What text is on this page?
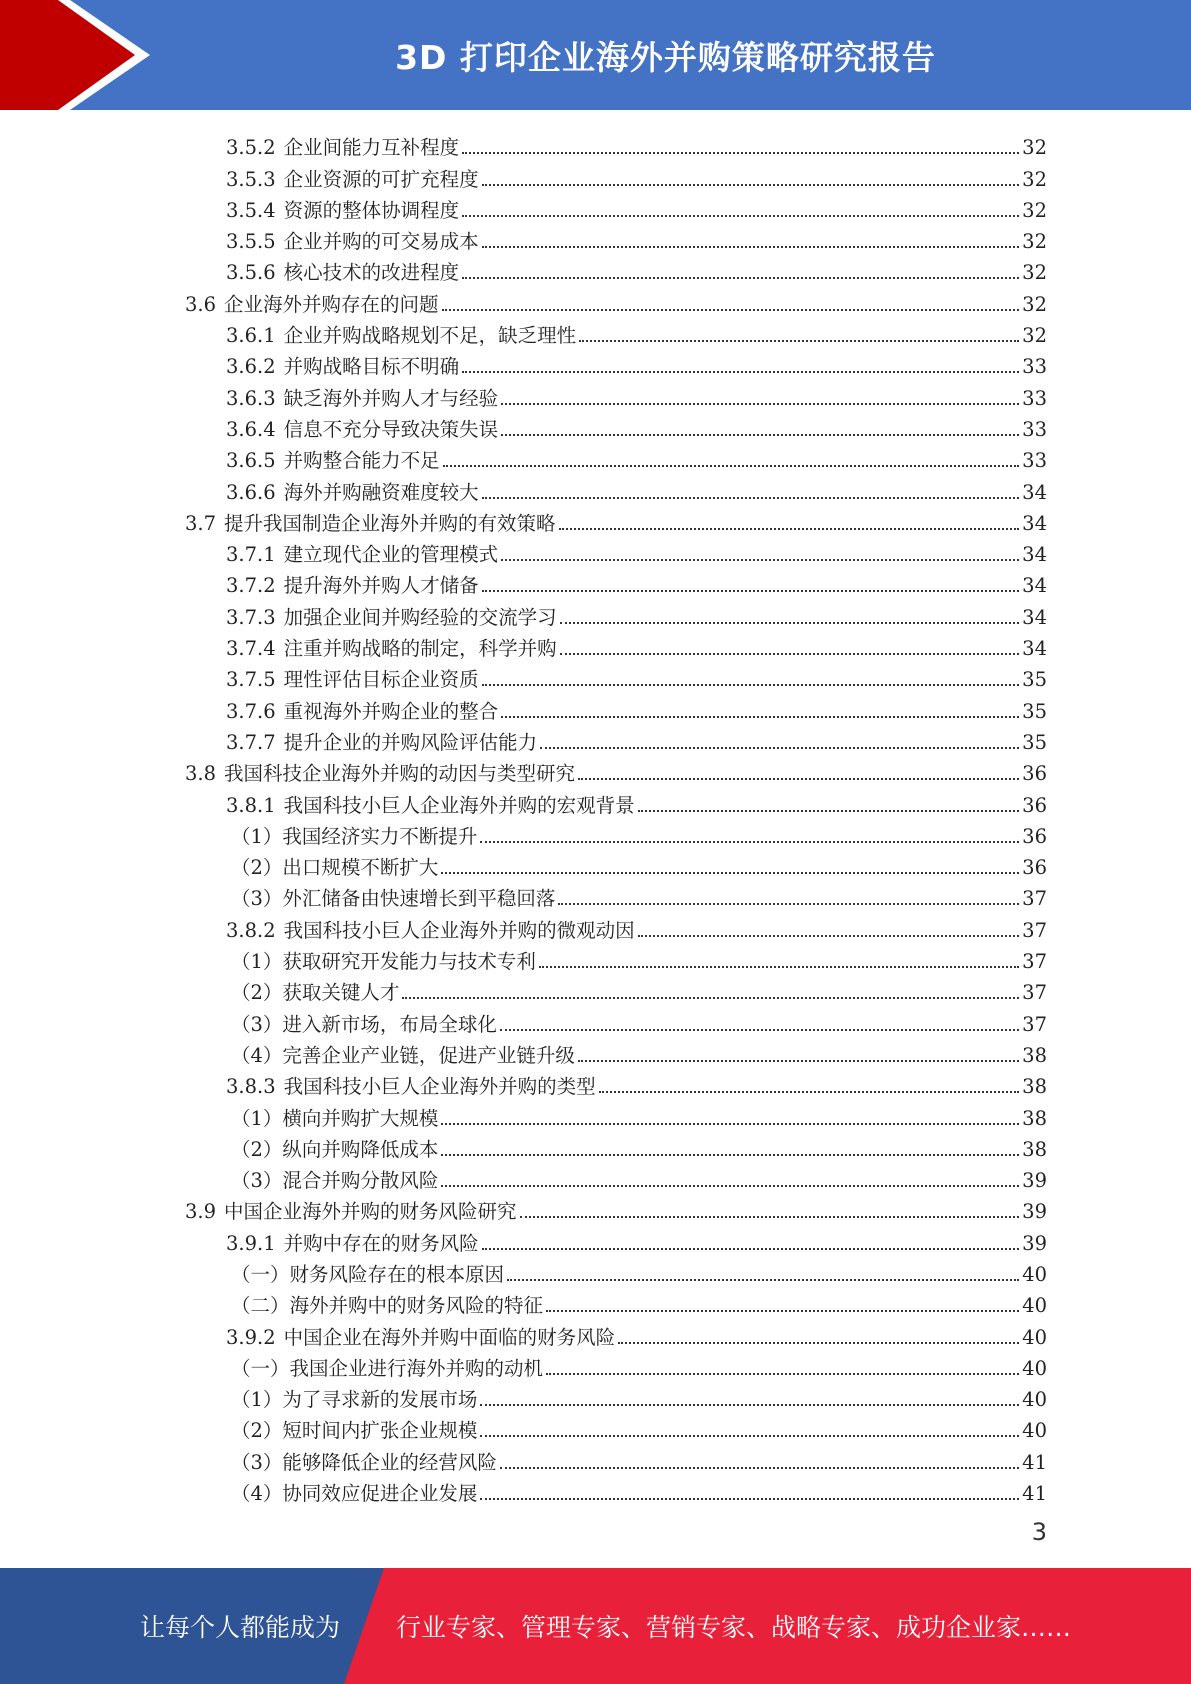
3D 打印企业海外并购策略研究报告
3.5.2 企业间能力互补程度	32
3.5.3 企业资源的可扩充程度	32
3.5.4 资源的整体协调程度	32
3.5.5 企业并购的可交易成本	32
3.5.6 核心技术的改进程度	32
3.6 企业海外并购存在的问题	32
3.6.1 企业并购战略规划不足，缺乏理性	32
3.6.2 并购战略目标不明确	33
3.6.3 缺乏海外并购人才与经验	33
3.6.4 信息不充分导致决策失误	33
3.6.5 并购整合能力不足	33
3.6.6 海外并购融资难度较大	34
3.7 提升我国制造企业海外并购的有效策略	34
3.7.1 建立现代企业的管理模式	34
3.7.2 提升海外并购人才储备	34
3.7.3 加强企业间并购经验的交流学习	34
3.7.4 注重并购战略的制定，科学并购	34
3.7.5 理性评估目标企业资质	35
3.7.6 重视海外并购企业的整合	35
3.7.7 提升企业的并购风险评估能力	35
3.8 我国科技企业海外并购的动因与类型研究	36
3.8.1 我国科技小巨人企业海外并购的宏观背景	36
（1）我国经济实力不断提升	36
（2）出口规模不断扩大	36
（3）外汇储备由快速增长到平稳回落	37
3.8.2 我国科技小巨人企业海外并购的微观动因	37
（1）获取研究开发能力与技术专利	37
（2）获取关键人才	37
（3）进入新市场，布局全球化	37
（4）完善企业产业链，促进产业链升级	38
3.8.3 我国科技小巨人企业海外并购的类型	38
（1）横向并购扩大规模	38
（2）纵向并购降低成本	38
（3）混合并购分散风险	39
3.9 中国企业海外并购的财务风险研究	39
3.9.1 并购中存在的财务风险	39
（一）财务风险存在的根本原因	40
（二）海外并购中的财务风险的特征	40
3.9.2 中国企业在海外并购中面临的财务风险	40
（一）我国企业进行海外并购的动机	40
（1）为了寻求新的发展市场	40
（2）短时间内扩张企业规模	40
（3）能够降低企业的经营风险	41
（4）协同效应促进企业发展	41
3
让每个人都能成为 行业专家、管理专家、营销专家、战略专家、成功企业家……
